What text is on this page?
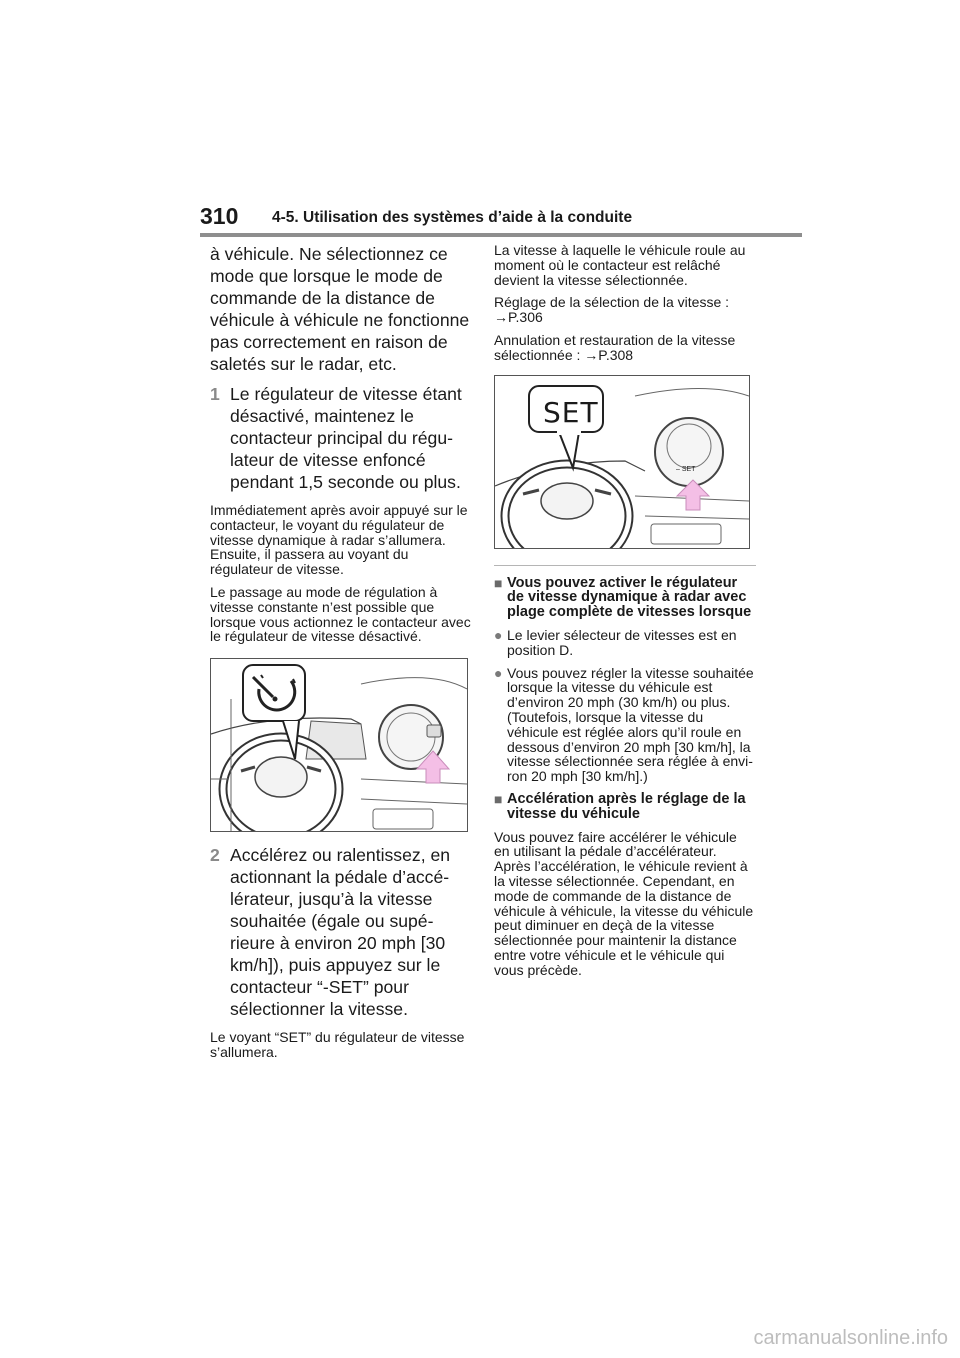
310 4-5. Utilisation des systèmes d’aide à la conduite

à véhicule. Ne sélectionnez ce mode que lorsque le mode de commande de la distance de véhicule à véhicule ne fonctionne pas correctement en raison de saletés sur le radar, etc.

1 Le régulateur de vitesse étant désactivé, maintenez le contacteur principal du régulateur de vitesse enfoncé pendant 1,5 seconde ou plus.

Immédiatement après avoir appuyé sur le contacteur, le voyant du régulateur de vitesse dynamique à radar s’allumera. Ensuite, il passera au voyant du régulateur de vitesse.

Le passage au mode de régulation à vitesse constante n’est possible que lorsque vous actionnez le contacteur avec le régulateur de vitesse désactivé.

2 Accélérez ou ralentissez, en actionnant la pédale d’accélérateur, jusqu’à la vitesse souhaitée (égale ou supérieure à environ 20 mph [30 km/h]), puis appuyez sur le contacteur “-SET” pour sélectionner la vitesse.

Le voyant “SET” du régulateur de vitesse s’allumera.

La vitesse à laquelle le véhicule roule au moment où le contacteur est relâché devient la vitesse sélectionnée.

Réglage de la sélection de la vitesse : →P.306

Annulation et restauration de la vitesse sélectionnée : →P.308

SET
– SET
■ Vous pouvez activer le régulateur de vitesse dynamique à radar avec plage complète de vitesses lorsque

● Le levier sélecteur de vitesses est en position D.

● Vous pouvez régler la vitesse souhaitée lorsque la vitesse du véhicule est d’environ 20 mph (30 km/h) ou plus. (Toutefois, lorsque la vitesse du véhicule est réglée alors qu’il roule en dessous d’environ 20 mph [30 km/h], la vitesse sélectionnée sera réglée à environ 20 mph [30 km/h].)

■ Accélération après le réglage de la vitesse du véhicule

Vous pouvez faire accélérer le véhicule en utilisant la pédale d’accélérateur. Après l’accélération, le véhicule revient à la vitesse sélectionnée. Cependant, en mode de commande de la distance de véhicule à véhicule, la vitesse du véhicule peut diminuer en deçà de la vitesse sélectionnée pour maintenir la distance entre votre véhicule et le véhicule qui vous précède.

carmanualsonline.info
